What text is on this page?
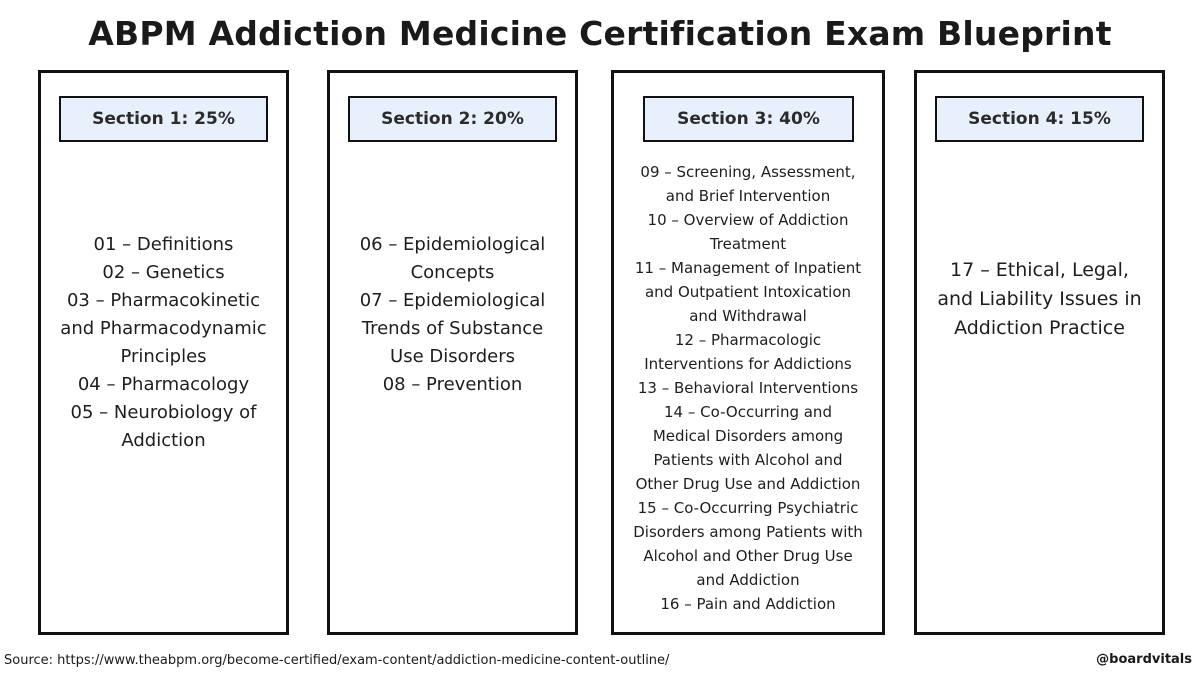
ABPM Addiction Medicine Certification Exam Blueprint
Section 1: 25%
01 – Definitions
02 – Genetics
03 – Pharmacokinetic
and Pharmacodynamic
Principles
04 – Pharmacology
05 – Neurobiology of
Addiction
Section 2: 20%
06 – Epidemiological
Concepts
07 – Epidemiological
Trends of Substance
Use Disorders
08 – Prevention
Section 3: 40%
09 – Screening, Assessment,
and Brief Intervention
10 – Overview of Addiction
Treatment
11 – Management of Inpatient
and Outpatient Intoxication
and Withdrawal
12 – Pharmacologic
Interventions for Addictions
13 – Behavioral Interventions
14 – Co-Occurring and
Medical Disorders among
Patients with Alcohol and
Other Drug Use and Addiction
15 – Co-Occurring Psychiatric
Disorders among Patients with
Alcohol and Other Drug Use
and Addiction
16 – Pain and Addiction
Section 4: 15%
17 – Ethical, Legal,
and Liability Issues in
Addiction Practice
Source: https://www.theabpm.org/become-certified/exam-content/addiction-medicine-content-outline/	@boardvitals
